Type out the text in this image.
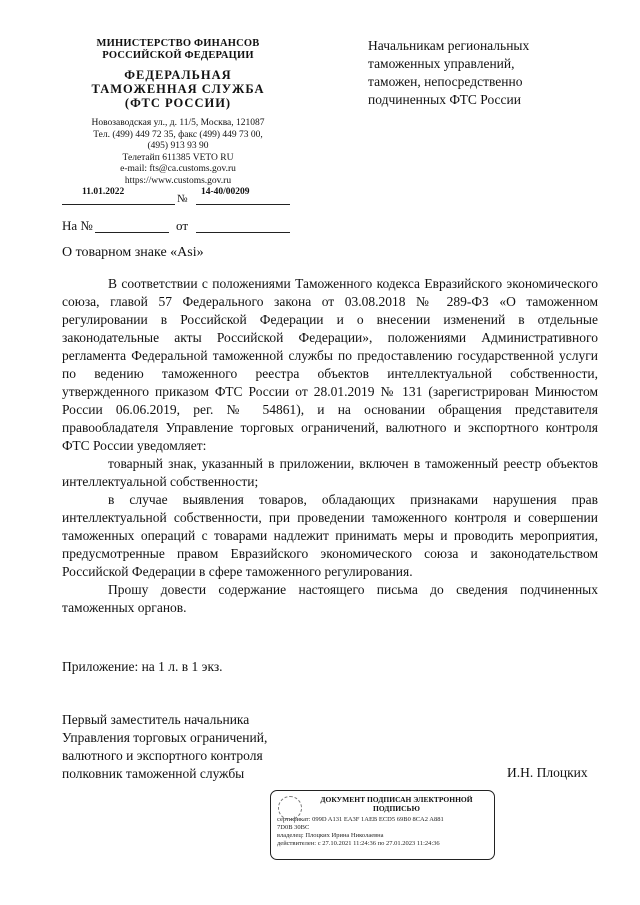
МИНИСТЕРСТВО ФИНАНСОВ
РОССИЙСКОЙ ФЕДЕРАЦИИ
ФЕДЕРАЛЬНАЯ
ТАМОЖЕННАЯ СЛУЖБА
(ФТС РОССИИ)
Новозаводская ул., д. 11/5, Москва, 121087
Тел. (499) 449 72 35, факс (499) 449 73 00,
(495) 913 93 90
Телетайп 611385 VETO RU
e-mail: fts@ca.customs.gov.ru
https://www.customs.gov.ru
11.01.2022
№
14-40/00209
На №	от
Начальникам региональных
таможенных управлений,
таможен, непосредственно
подчиненных ФТС России
О товарном знаке «Asi»

В соответствии с положениями Таможенного кодекса Евразийского экономического союза, главой 57 Федерального закона от 03.08.2018 № 289-ФЗ «О таможенном регулировании в Российской Федерации и о внесении изменений в отдельные законодательные акты Российской Федерации», положениями Административного регламента Федеральной таможенной службы по предоставлению государственной услуги по ведению таможенного реестра объектов интеллектуальной собственности, утвержденного приказом ФТС России от 28.01.2019 № 131 (зарегистрирован Минюстом России 06.06.2019, рег. № 54861), и на основании обращения представителя правообладателя Управление торговых ограничений, валютного и экспортного контроля ФТС России уведомляет:

товарный знак, указанный в приложении, включен в таможенный реестр объектов интеллектуальной собственности;

в случае выявления товаров, обладающих признаками нарушения прав интеллектуальной собственности, при проведении таможенного контроля и совершении таможенных операций с товарами надлежит принимать меры и проводить мероприятия, предусмотренные правом Евразийского экономического союза и законодательством Российской Федерации в сфере таможенного регулирования.

Прошу довести содержание настоящего письма до сведения подчиненных таможенных органов.

Приложение: на 1 л. в 1 экз.
Первый заместитель начальника
Управления торговых ограничений,
валютного и экспортного контроля
полковник таможенной службы	И.Н. Плоцких
ДОКУМЕНТ ПОДПИСАН ЭЛЕКТРОННОЙ
ПОДПИСЬЮ
сертификат: 099D A131 EA3F 1AEB ECD5 69B0 8CA2 A881
7D0B 30BC
владелец: Плоцких Ирина Николаевна
действителен: с 27.10.2021 11:24:36 по 27.01.2023 11:24:36
